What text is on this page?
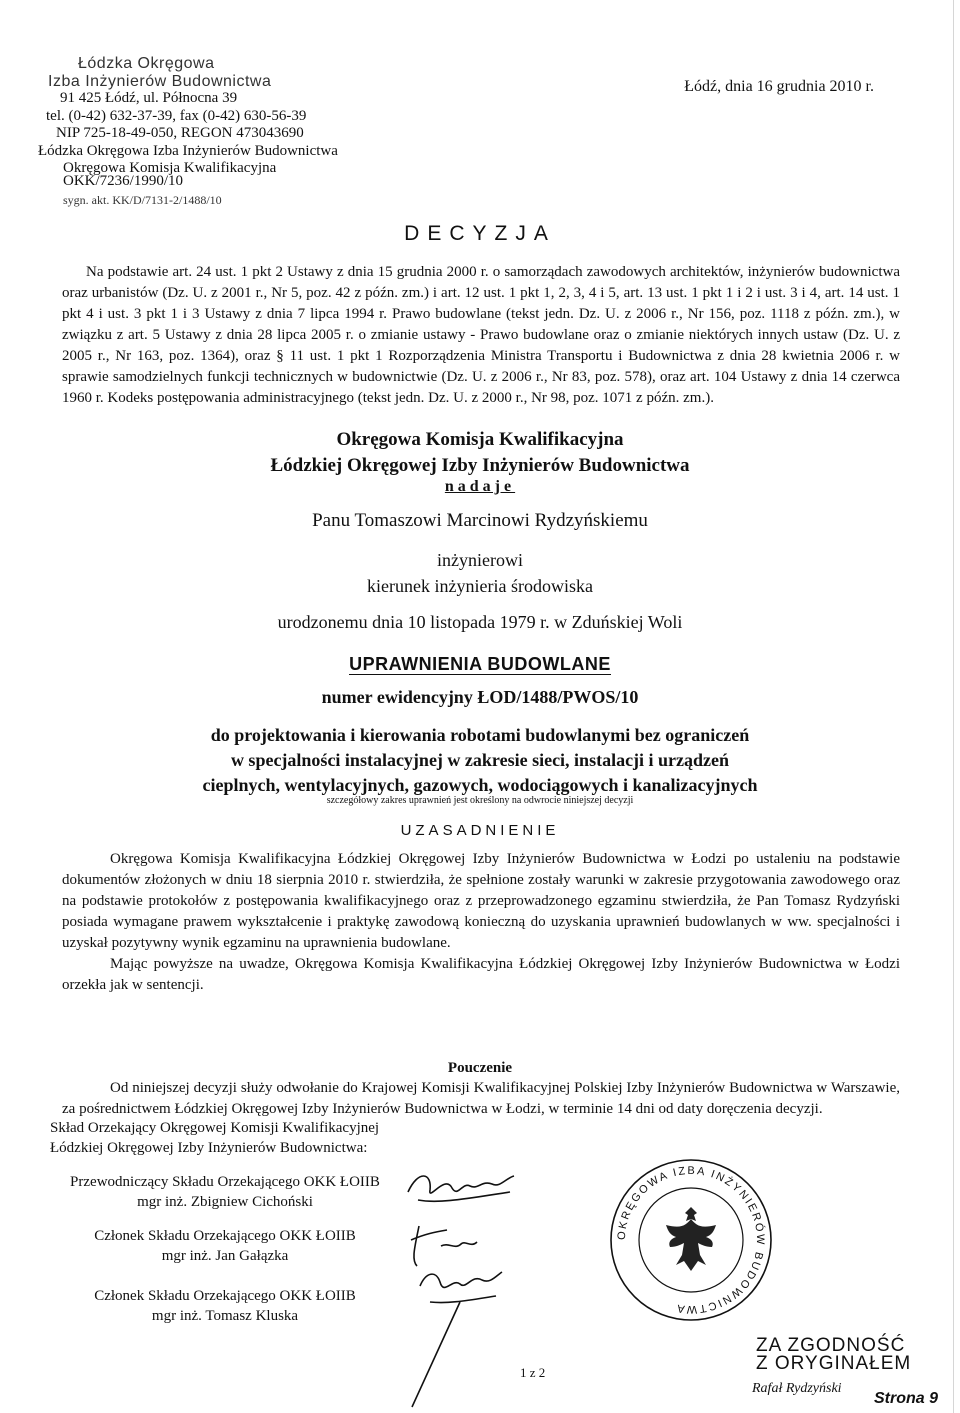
Łódzka Okręgowa
Izba Inżynierów Budownictwa
91 425 Łódź, ul. Północna 39
tel. (0-42) 632-37-39, fax (0-42) 630-56-39
NIP 725-18-49-050, REGON 473043690
Łódzka Okręgowa Izba Inżynierów Budownictwa
Okręgowa Komisja Kwalifikacyjna
Łódź, dnia 16 grudnia 2010 r.
OKK/7236/1990/10
sygn. akt. KK/D/7131-2/1488/10
DECYZJA

Na podstawie art. 24 ust. 1 pkt 2 Ustawy z dnia 15 grudnia 2000 r. o samorządach zawodowych architektów, inżynierów budownictwa oraz urbanistów (Dz. U. z 2001 r., Nr 5, poz. 42 z późn. zm.) i art. 12 ust. 1 pkt 1, 2, 3, 4 i 5, art. 13 ust. 1 pkt 1 i 2 i ust. 3 i 4, art. 14 ust. 1 pkt 4 i ust. 3 pkt 1 i 3 Ustawy z dnia 7 lipca 1994 r. Prawo budowlane (tekst jedn. Dz. U. z 2006 r., Nr 156, poz. 1118 z późn. zm.), w związku z art. 5 Ustawy z dnia 28 lipca 2005 r. o zmianie ustawy - Prawo budowlane oraz o zmianie niektórych innych ustaw (Dz. U. z 2005 r., Nr 163, poz. 1364), oraz § 11 ust. 1 pkt 1 Rozporządzenia Ministra Transportu i Budownictwa z dnia 28 kwietnia 2006 r. w sprawie samodzielnych funkcji technicznych w budownictwie (Dz. U. z 2006 r., Nr 83, poz. 578), oraz art. 104 Ustawy z dnia 14 czerwca 1960 r. Kodeks postępowania administracyjnego (tekst jedn. Dz. U. z 2000 r., Nr 98, poz. 1071 z późn. zm.).

Okręgowa Komisja Kwalifikacyjna
Łódzkiej Okręgowej Izby Inżynierów Budownictwa
nadaje
Panu Tomaszowi Marcinowi Rydzyńskiemu
inżynierowi
kierunek inżynieria środowiska
urodzonemu dnia 10 listopada 1979 r. w Zduńskiej Woli
UPRAWNIENIA BUDOWLANE
numer ewidencyjny ŁOD/1488/PWOS/10
do projektowania i kierowania robotami budowlanymi bez ograniczeń
w specjalności instalacyjnej w zakresie sieci, instalacji i urządzeń
cieplnych, wentylacyjnych, gazowych, wodociągowych i kanalizacyjnych
szczegółowy zakres uprawnień jest określony na odwrocie niniejszej decyzji
UZASADNIENIE

Okręgowa Komisja Kwalifikacyjna Łódzkiej Okręgowej Izby Inżynierów Budownictwa w Łodzi po ustaleniu na podstawie dokumentów złożonych w dniu 18 sierpnia 2010 r. stwierdziła, że spełnione zostały warunki w zakresie przygotowania zawodowego oraz na podstawie protokołów z postępowania kwalifikacyjnego oraz z przeprowadzonego egzaminu stwierdziła, że Pan Tomasz Rydzyński posiada wymagane prawem wykształcenie i praktykę zawodową konieczną do uzyskania uprawnień budowlanych w ww. specjalności i uzyskał pozytywny wynik egzaminu na uprawnienia budowlane.

Mając powyższe na uwadze, Okręgowa Komisja Kwalifikacyjna Łódzkiej Okręgowej Izby Inżynierów Budownictwa w Łodzi orzekła jak w sentencji.

Pouczenie

Od niniejszej decyzji służy odwołanie do Krajowej Komisji Kwalifikacyjnej Polskiej Izby Inżynierów Budownictwa w Warszawie, za pośrednictwem Łódzkiej Okręgowej Izby Inżynierów Budownictwa w Łodzi, w terminie 14 dni od daty doręczenia decyzji.

Skład Orzekający Okręgowej Komisji Kwalifikacyjnej
Łódzkiej Okręgowej Izby Inżynierów Budownictwa:
Przewodniczący Składu Orzekającego OKK ŁOIIB
mgr inż. Zbigniew Cichoński
Członek Składu Orzekającego OKK ŁOIIB
mgr inż. Jan Gałązka
Członek Składu Orzekającego OKK ŁOIIB
mgr inż. Tomasz Kluska
OKRĘGOWA IZBA INŻYNIERÓW BUDOWNICTWA
ZA ZGODNOŚĆ
Z ORYGINAŁEM
Rafał Rydzyński
1 z 2
Strona 9
